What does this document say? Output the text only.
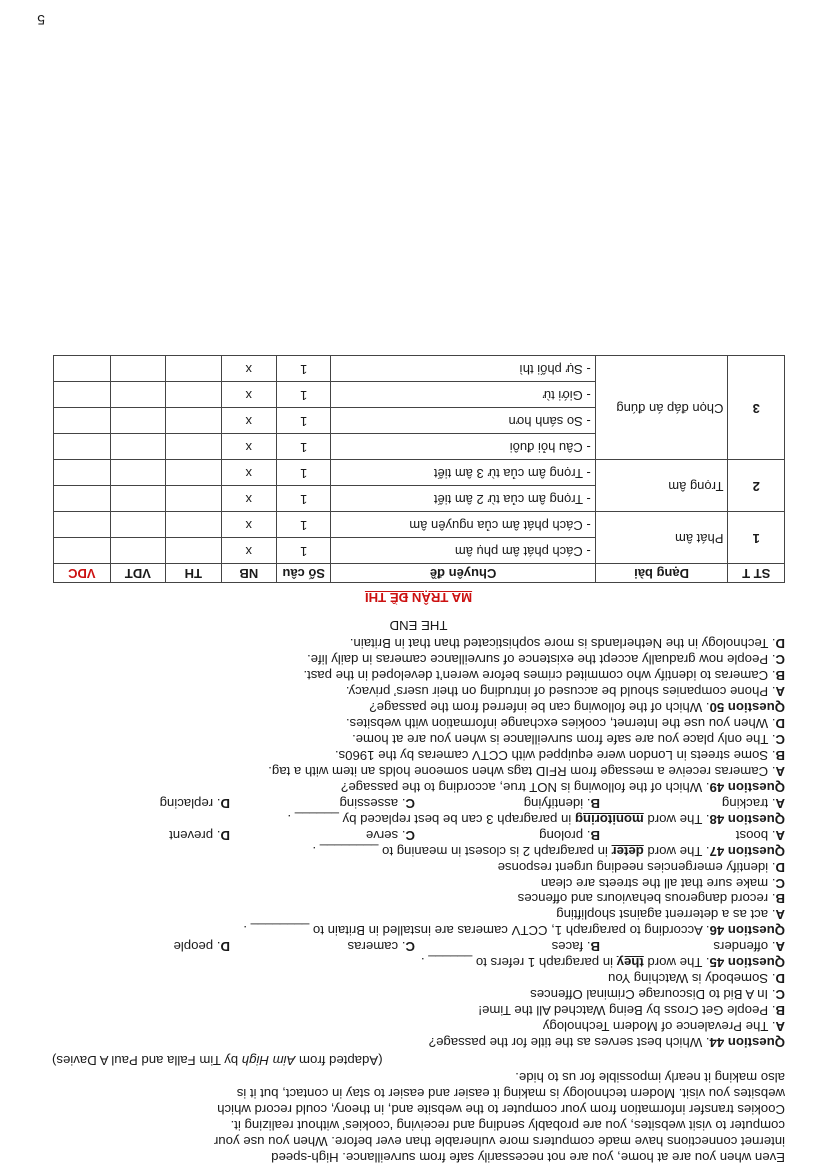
Even when you are at home, you are not necessarily safe from surveillance. High-speed

internet connections have made computers more vulnerable than ever before. When you use your

computer to visit websites, you are probably sending and receiving ‘cookies’ without realizing it.

Cookies transfer information from your computer to the website and, in theory, could record which

websites you visit. Modern technology is making it easier and easier to stay in contact, but it is

also making it nearly impossible for us to hide.

(Adapted from Aim High by Tim Falla and Paul A Davies)
Question 44. Which best serves as the title for the passage?
A. The Prevalence of Modern Technology
B. People Get Cross by Being Watched All the Time!
C. In A Bid to Discourage Criminal Offences
D. Somebody is Watching You
Question 45. The word they in paragraph 1 refers to ______ .
A. offenders
B. faces
C. cameras
D. people
Question 46. According to paragraph 1, CCTV cameras are installed in Britain to ________ .
A. act as a deterrent against shoplifting
B. record dangerous behaviours and offences
C. make sure that all the streets are clean
D. identify emergencies needing urgent response
Question 47. The word deter in paragraph 2 is closest in meaning to ________ .
A. boost
B. prolong
C. serve
D. prevent
Question 48. The word monitoring in paragraph 3 can be best replaced by ______ .
A. tracking
B. identifying
C. assessing
D. replacing
Question 49. Which of the following is NOT true, according to the passage?
A. Cameras receive a message from RFID tags when someone holds an item with a tag.
B. Some streets in London were equipped with CCTV cameras by the 1960s.
C. The only place you are safe from surveillance is when you are at home.
D. When you use the Internet, cookies exchange information with websites.
Question 50. Which of the following can be inferred from the passage?
A. Phone companies should be accused of intruding on their users’ privacy.
B. Cameras to identify who commited crimes before weren’t developed in the past.
C. People now gradually accept the existence of surveillance cameras in daily life.
D. Technology in the Netherlands is more sophisticated than that in Britain.
THE END
MA TRẬN ĐỀ THI
ST T	Dạng bài	Chuyên đề	Số câu	NB	TH	VDT	VDC
1	Phát âm	- Cách phát âm phụ âm	1	x			
		- Cách phát âm của nguyên âm	1	x			
2	Trọng âm	- Trọng âm của từ 2 âm tiết	1	x			
		- Trọng âm của từ 3 âm tiết	1	x			
3	Chọn đáp án đúng	- Câu hỏi đuôi	1	x			
		- So sánh hơn	1	x			
		- Giới từ	1	x			
		- Sự phối thì	1	x			
5
